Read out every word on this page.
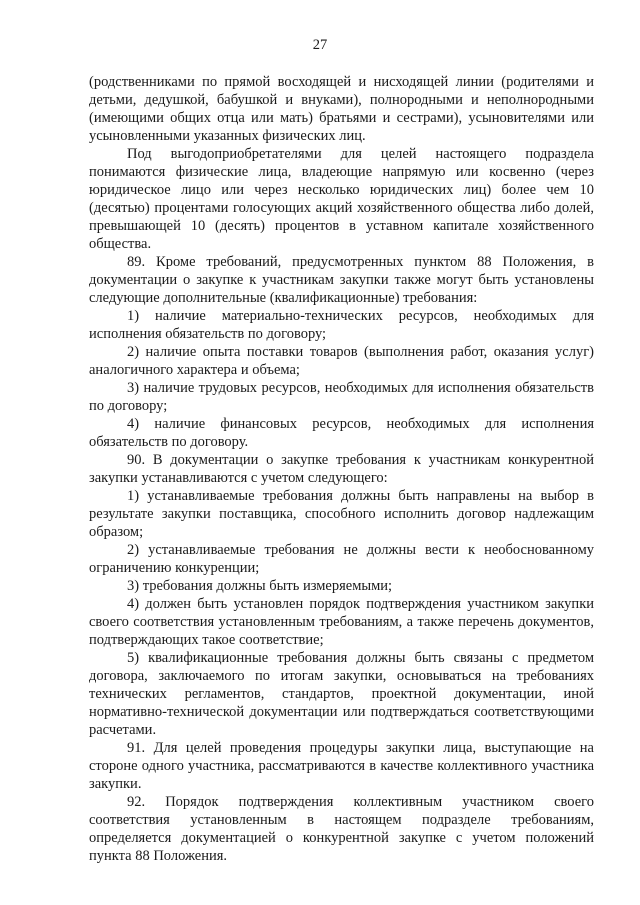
27

(родственниками по прямой восходящей и нисходящей линии (родителями и детьми, дедушкой, бабушкой и внуками), полнородными и неполнородными (имеющими общих отца или мать) братьями и сестрами), усыновителями или усыновленными указанных физических лиц.

Под выгодоприобретателями для целей настоящего подраздела понимаются физические лица, владеющие напрямую или косвенно (через юридическое лицо или через несколько юридических лиц) более чем 10 (десятью) процентами голосующих акций хозяйственного общества либо долей, превышающей 10 (десять) процентов в уставном капитале хозяйственного общества.

89. Кроме требований, предусмотренных пунктом 88 Положения, в документации о закупке к участникам закупки также могут быть установлены следующие дополнительные (квалификационные) требования:

1) наличие материально-технических ресурсов, необходимых для исполнения обязательств по договору;

2) наличие опыта поставки товаров (выполнения работ, оказания услуг) аналогичного характера и объема;

3) наличие трудовых ресурсов, необходимых для исполнения обязательств по договору;

4) наличие финансовых ресурсов, необходимых для исполнения обязательств по договору.

90. В документации о закупке требования к участникам конкурентной закупки устанавливаются с учетом следующего:

1) устанавливаемые требования должны быть направлены на выбор в результате закупки поставщика, способного исполнить договор надлежащим образом;

2) устанавливаемые требования не должны вести к необоснованному ограничению конкуренции;

3) требования должны быть измеряемыми;

4) должен быть установлен порядок подтверждения участником закупки своего соответствия установленным требованиям, а также перечень документов, подтверждающих такое соответствие;

5) квалификационные требования должны быть связаны с предметом договора, заключаемого по итогам закупки, основываться на требованиях технических регламентов, стандартов, проектной документации, иной нормативно-технической документации или подтверждаться соответствующими расчетами.

91. Для целей проведения процедуры закупки лица, выступающие на стороне одного участника, рассматриваются в качестве коллективного участника закупки.

92. Порядок подтверждения коллективным участником своего соответствия установленным в настоящем подразделе требованиям, определяется документацией о конкурентной закупке с учетом положений пункта 88 Положения.
